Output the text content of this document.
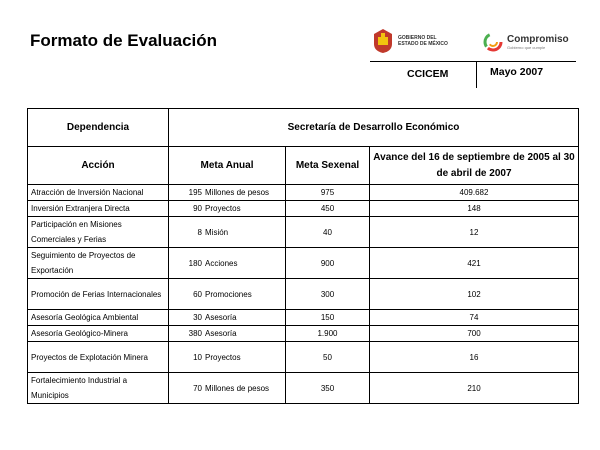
Formato de Evaluación	GOBIERNO DEL
ESTADO DE MÉXICO	Compromiso
Gobierno que cumple
CCICEM	Mayo 2007
Dependencia	Secretaría de Desarrollo Económico		
Acción	Meta Anual	Meta Sexenal	Avance del 16 de septiembre de 2005 al 30 de abril de 2007
Atracción de Inversión Nacional	195 Millones de pesos	975	409.682
Inversión Extranjera Directa	90 Proyectos	450	148
Participación en Misiones Comerciales y Ferias	8 Misión	40	12
Seguimiento de Proyectos de Exportación	180 Acciones	900	421
Promoción de Ferias Internacionales	60 Promociones	300	102
Asesoría Geológica Ambiental	30 Asesoría	150	74
Asesoría Geológico-Minera	380 Asesoría	1.900	700
Proyectos de Explotación Minera	10 Proyectos	50	16
Fortalecimiento Industrial a Municipios	70 Millones de pesos	350	210
